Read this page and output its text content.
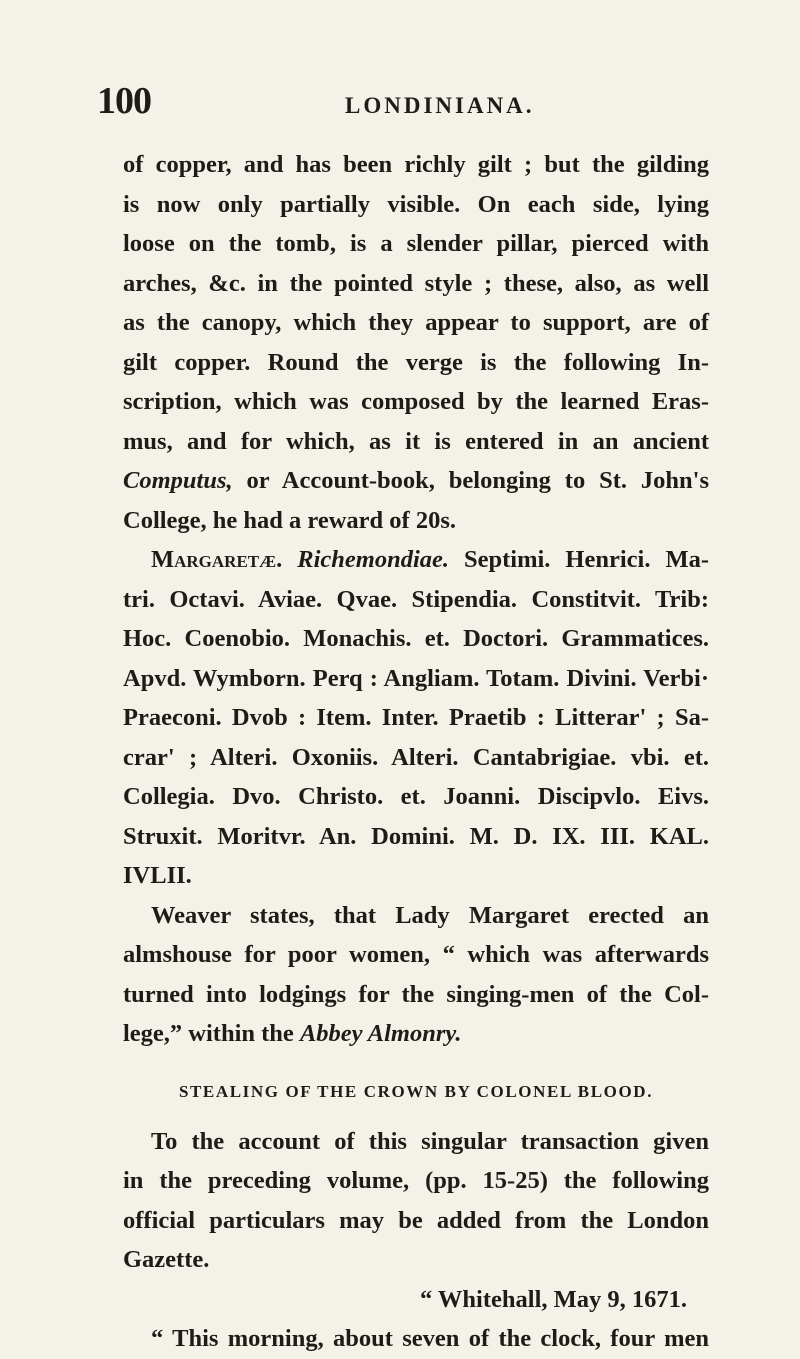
100	LONDINIANA.
of copper, and has been richly gilt ; but the gilding
is now only partially visible. On each side, lying
loose on the tomb, is a slender pillar, pierced with
arches, &c. in the pointed style ; these, also, as well
as the canopy, which they appear to support, are of
gilt copper. Round the verge is the following In-
scription, which was composed by the learned Eras-
mus, and for which, as it is entered in an ancient
Computus, or Account-book, belonging to St. John's
College, he had a reward of 20s.
Margaretæ. Richemondiae. Septimi. Henrici. Ma-
tri. Octavi. Aviae. Qvae. Stipendia. Constitvit. Trib:
Hoc. Coenobio. Monachis. et. Doctori. Grammatices.
Apvd. Wymborn. Perq : Angliam. Totam. Divini. Verbi·
Praeconi. Dvob : Item. Inter. Praetib : Litterar' ; Sa-
crar' ; Alteri. Oxoniis. Alteri. Cantabrigiae. vbi. et.
Collegia. Dvo. Christo. et. Joanni. Discipvlo. Eivs.
Struxit. Moritvr. An. Domini. M. D. IX. III. KAL.
IVLII.
Weaver states, that Lady Margaret erected an
almshouse for poor women, “ which was afterwards
turned into lodgings for the singing-men of the Col-
lege,” within the Abbey Almonry.
STEALING OF THE CROWN BY COLONEL BLOOD.
To the account of this singular transaction given
in the preceding volume, (pp. 15-25) the following
official particulars may be added from the London
Gazette.
“ Whitehall, May 9, 1671.
“ This morning, about seven of the clock, four men
